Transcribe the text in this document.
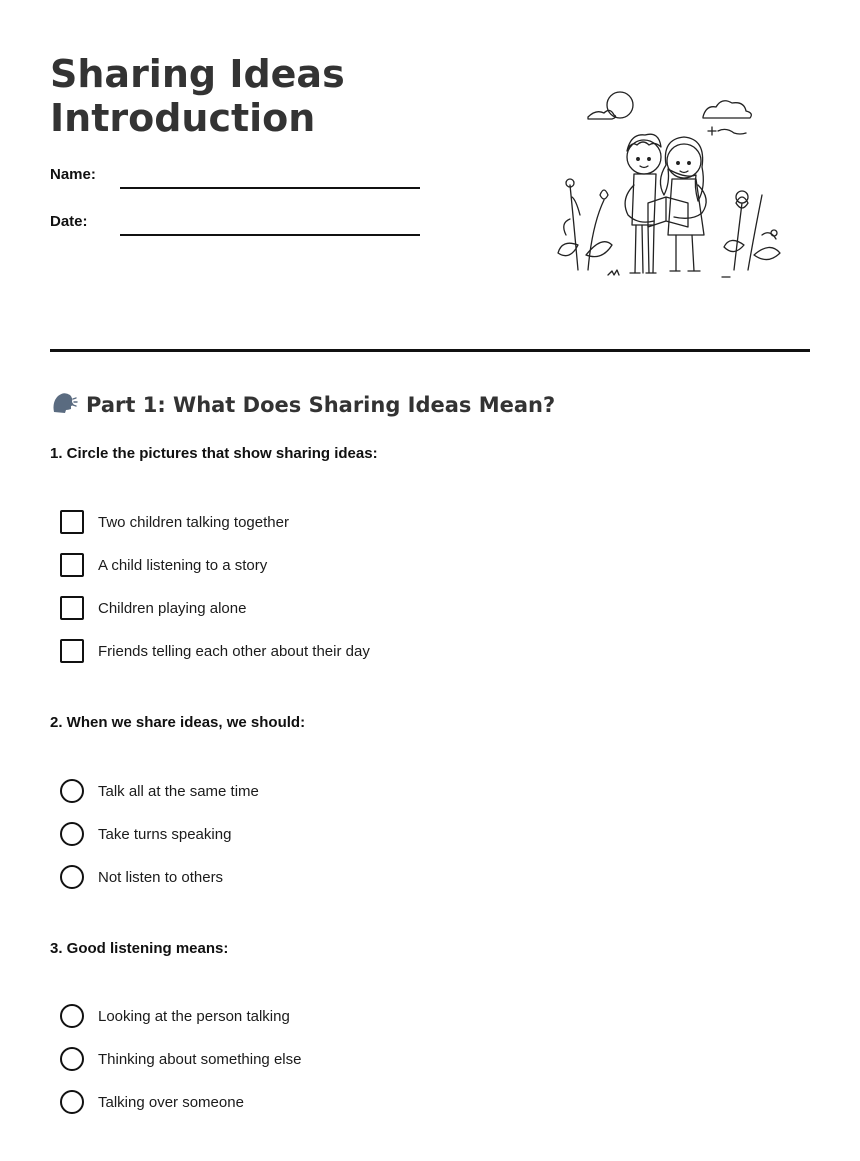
Sharing Ideas Introduction
Name:
Date:
Part 1: What Does Sharing Ideas Mean?

1. Circle the pictures that show sharing ideas:

Two children talking together
A child listening to a story
Children playing alone
Friends telling each other about their day

2. When we share ideas, we should:

Talk all at the same time
Take turns speaking
Not listen to others

3. Good listening means:

Looking at the person talking
Thinking about something else
Talking over someone
